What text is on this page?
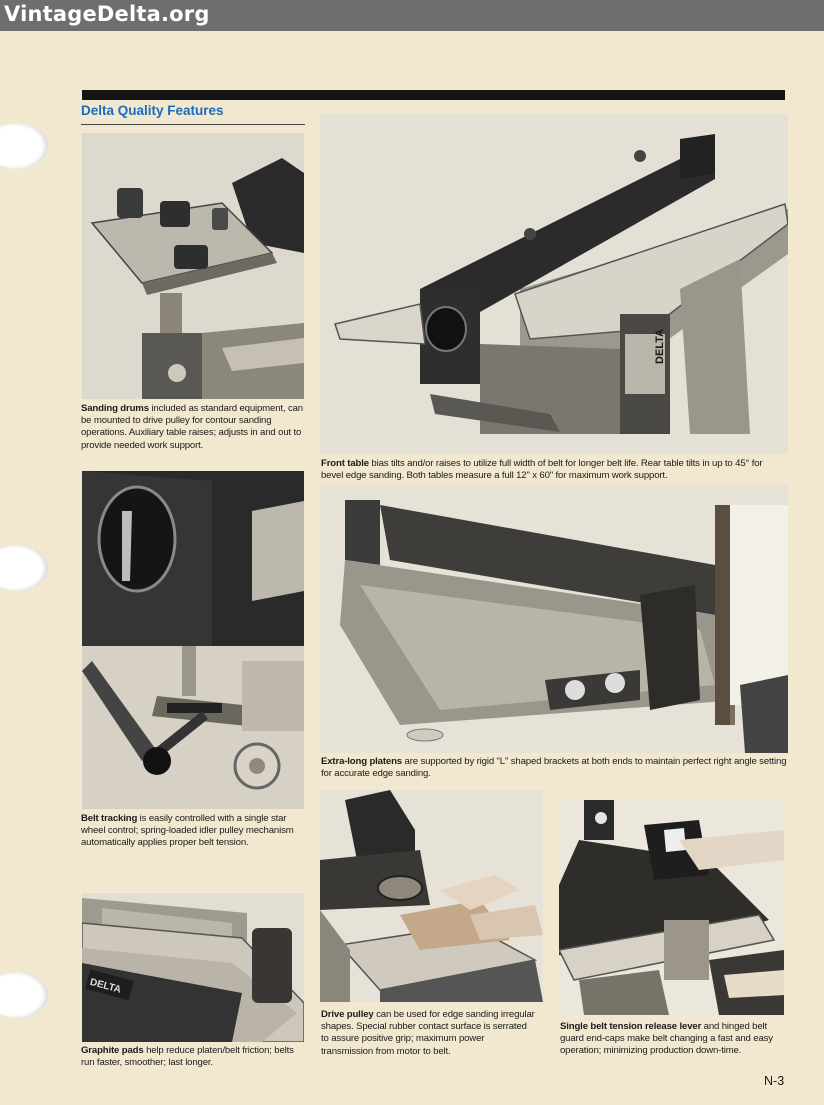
VintageDelta.org
Delta Quality Features
Sanding drums included as standard equipment, can be mounted to drive pulley for contour sanding operations. Auxiliary table raises; adjusts in and out to provide needed work support.
DELTA
Front table bias tilts and/or raises to utilize full width of belt for longer belt life. Rear table tilts in up to 45° for bevel edge sanding. Both tables measure a full 12" x 60" for maximum work support.
Belt tracking is easily controlled with a single star wheel control; spring-loaded idler pulley mechanism automatically applies proper belt tension.
Extra-long platens are supported by rigid "L" shaped brackets at both ends to maintain perfect right angle setting for accurate edge sanding.
DELTA
Graphite pads help reduce platen/belt friction; belts run faster, smoother; last longer.
Drive pulley can be used for edge sanding irregular shapes. Special rubber contact surface is serrated to assure positive grip; maximum power transmission from motor to belt.
Single belt tension release lever and hinged belt guard end-caps make belt changing a fast and easy operation; minimizing production down-time.
N-3
